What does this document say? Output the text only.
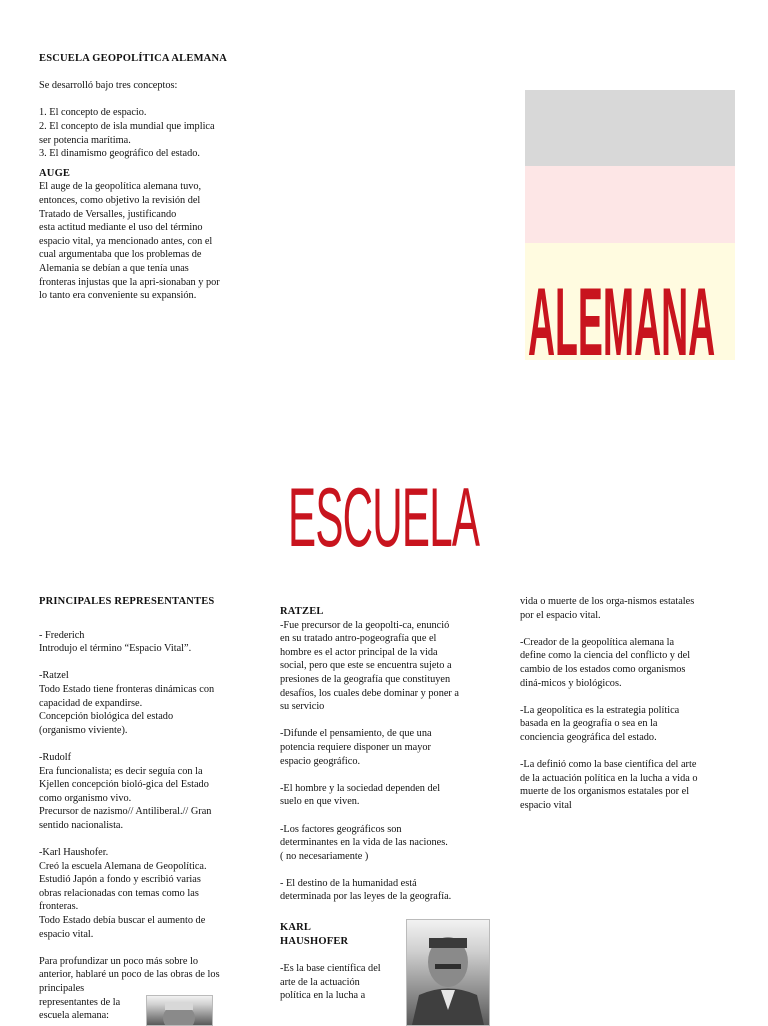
ESCUELA GEOPOLÍTICA ALEMANA
Se desarrolló bajo tres conceptos:
1. El concepto de espacio.
2. El concepto de isla mundial que implica
ser potencia marítima.
3. El dinamismo geográfico del estado.
AUGE
El auge de la geopolítica alemana tuvo,
entonces, como objetivo la revisión del
Tratado de Versalles, justificando
esta actitud mediante el uso del término
espacio vital, ya mencionado antes, con el
cual argumentaba que los problemas de
Alemania se debían a que tenía unas
fronteras injustas que la apri-sionaban y por
lo tanto era conveniente su expansión.	ALEMANA
ESCUELA
PRINCIPALES REPRESENTANTES
- Frederich
Introdujo el término “Espacio Vital”.
-Ratzel
Todo Estado tiene fronteras dinámicas con
capacidad de expandirse.
Concepción biológica del estado
(organismo viviente).
-Rudolf
Era funcionalista; es decir seguía con la
Kjellen concepción bioló-gica del Estado
como organismo vivo.
Precursor de nazismo// Antiliberal.// Gran
sentido nacionalista.
-Karl Haushofer.
Creó la escuela Alemana de Geopolítica.
Estudió Japón a fondo y escribió varias
obras relacionadas con temas como las
fronteras.
Todo Estado debía buscar el aumento de
espacio vital.
Para profundizar un poco más sobre lo
anterior, hablaré un poco de las obras de los
principales
representantes de la
escuela alemana:
RATZEL
-Fue precursor de la geopolti-ca, enunció
en su tratado antro-pogeografía que el
hombre es el actor principal de la vida
social, pero que este se encuentra sujeto a
presiones de la geografía que constituyen
desafíos, los cuales debe dominar y poner a
su servicio
-Difunde el pensamiento, de que una
potencia requiere disponer un mayor
espacio geográfico.
-El hombre y la sociedad dependen del
suelo en que viven.
-Los factores geográficos son
determinantes en la vida de las naciones.
( no necesariamente )
- El destino de la humanidad está
determinada por las leyes de la geografía.
KARL
HAUSHOFER
-Es la base científica del
arte de la actuación
política en la lucha a
vida o muerte de los orga-nismos estatales
por el espacio vital.
-Creador de la geopolítica alemana la
define como la ciencia del conflicto y del
cambio de los estados como organismos
diná-micos y biológicos.
-La geopolítica es la estrategia política
basada en la geografía o sea en la
conciencia geográfica del estado.
-La definió como la base científica del arte
de la actuación política en la lucha a vida o
muerte de los organismos estatales por el
espacio vital
